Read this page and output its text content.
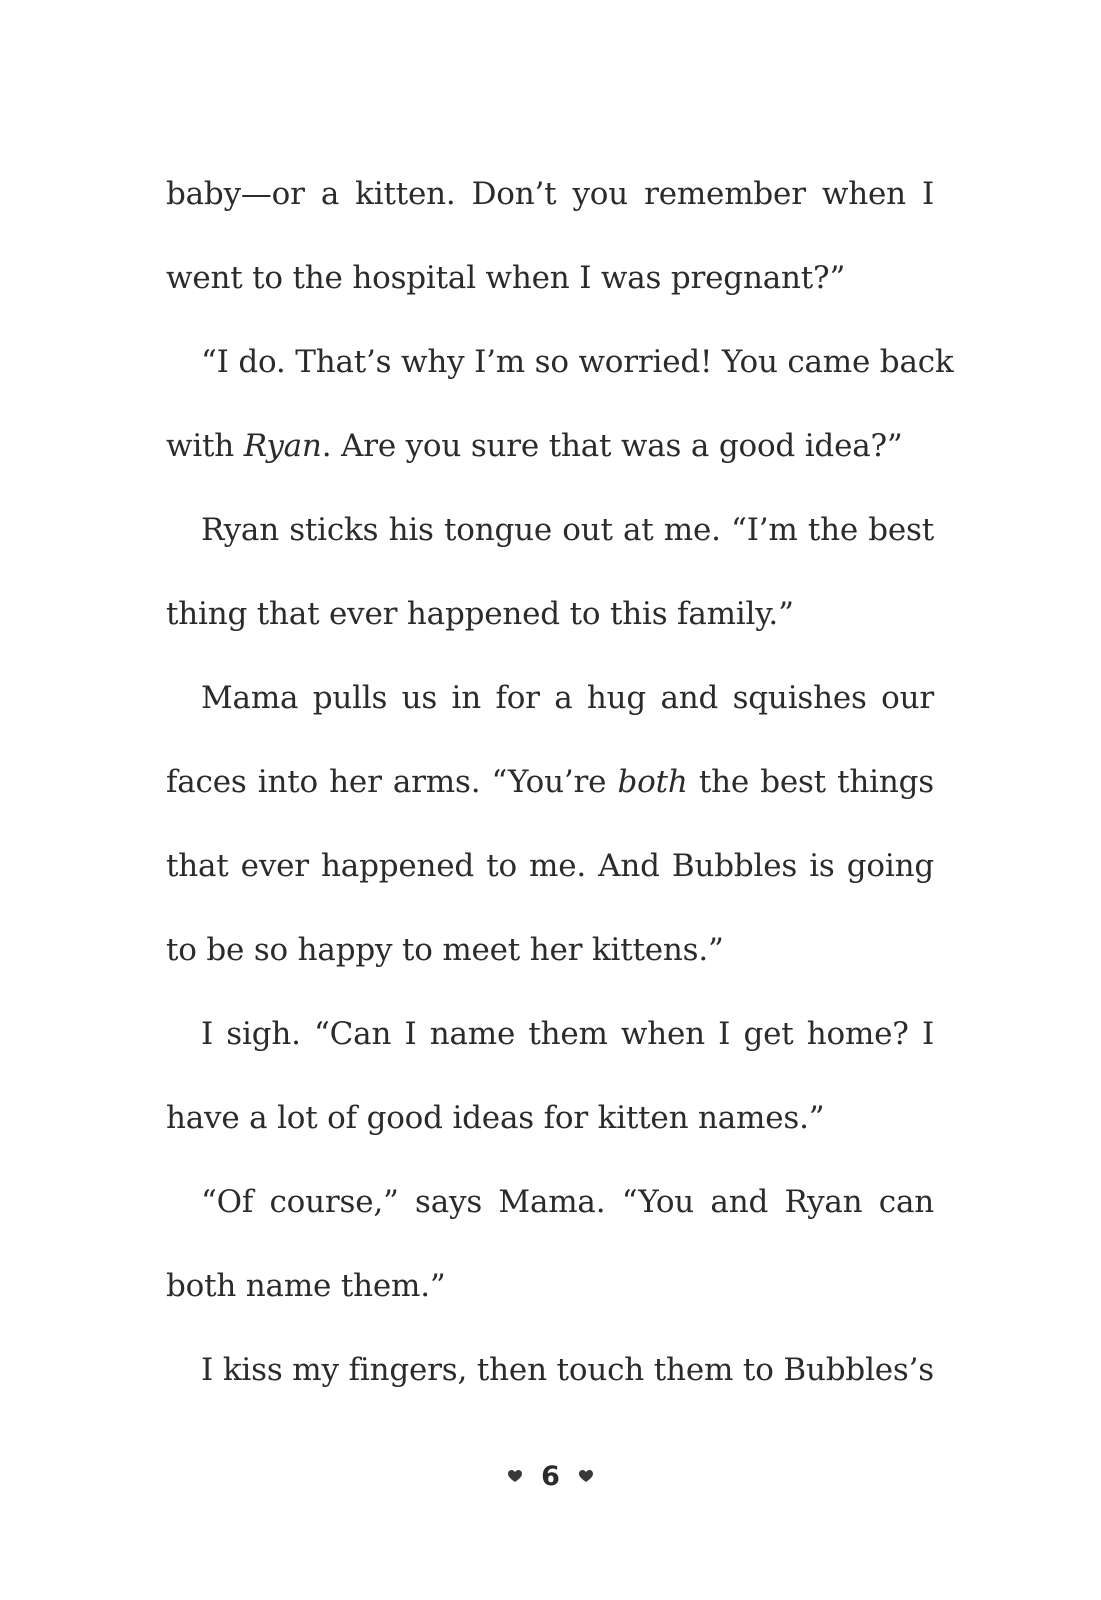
baby—or a kitten. Don’t you remember when I
went to the hospital when I was pregnant?”
“I do. That’s why I’m so worried! You came back
with Ryan. Are you sure that was a good idea?”
Ryan sticks his tongue out at me. “I’m the best
thing that ever happened to this family.”
Mama pulls us in for a hug and squishes our
faces into her arms. “You’re both the best things
that ever happened to me. And Bubbles is going
to be so happy to meet her kittens.”
I sigh. “Can I name them when I get home? I
have a lot of good ideas for kitten names.”
“Of course,” says Mama. “You and Ryan can
both name them.”
I kiss my fingers, then touch them to Bubbles’s
6
